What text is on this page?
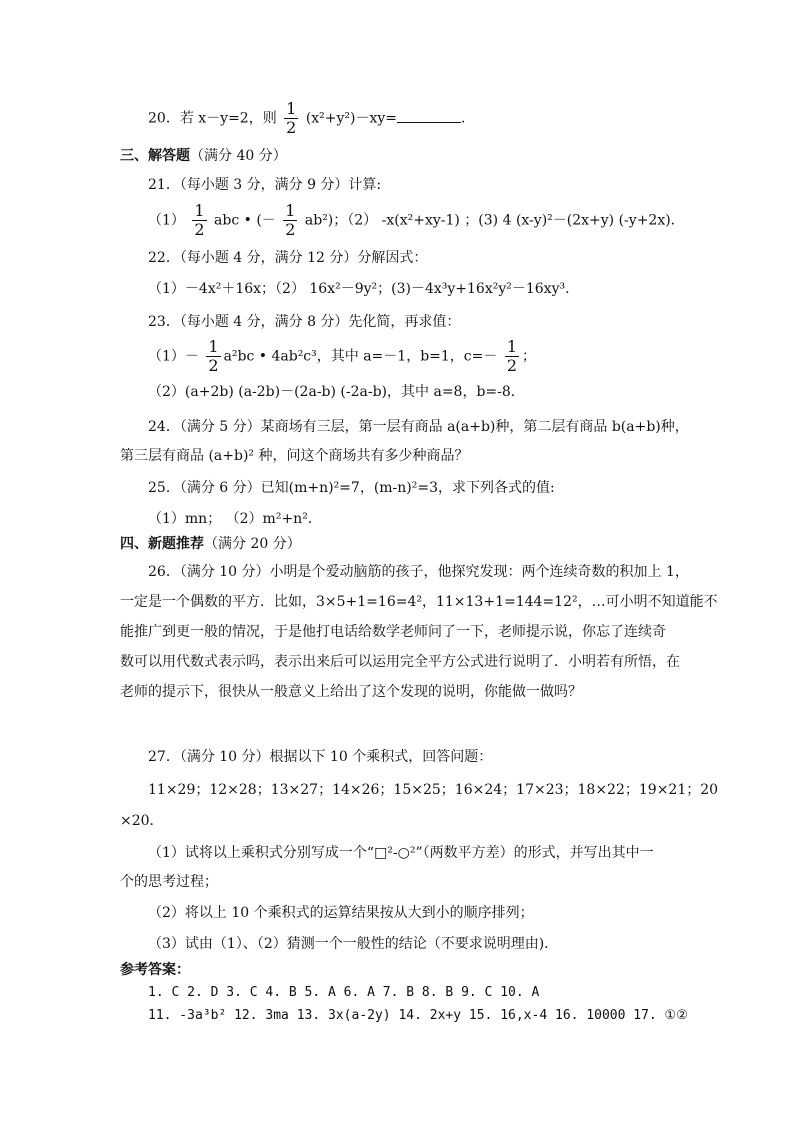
20．若 x－y=2，则 $\frac{1}{2} (x^2+y^2)-xy=$	．
三、解答题（满分 40 分）
21．（每小题 3 分，满分 9 分）计算:
$(1) \frac{1}{2}$ abc • (－ $\frac{1}{2} ab^2$)；（2） -x(x²+xy-1) ；(3) 4 (x-y)²－(2x+y) (-y+2x)．
22．（每小题 4 分，满分 12 分）分解因式：
（1）－4x²＋16x；（2） 16x²－9y²；(3)－4x³y+16x²y²－16xy³．
23．（每小题 4 分，满分 8 分）先化简，再求值：
$(1)- \frac{1}{2} a^2bc$ • 4ab²c³，其中 a=－1，b=1，$c=- \frac{1}{2}$ ；
（2）(a+2b) (a-2b)－(2a-b) (-2a-b)，其中 a=8，b=-8．
24．（满分 5 分）某商场有三层，第一层有商品 a(a+b)种，第二层有商品 b(a+b)种，
第三层有商品 (a+b)² 种，问这个商场共有多少种商品？
25．（满分 6 分）已知(m+n)²=7，(m-n)²=3，求下列各式的值:
（1）mn； （2）m²+n²．
四、新题推荐（满分 20 分）
26．（满分 10 分）小明是个爱动脑筋的孩子，他探究发现：两个连续奇数的积加上 1，
一定是一个偶数的平方．比如，3×5+1=16=4²，11×13+1=144=12²，…可小明不知道能不
能推广到更一般的情况，于是他打电话给数学老师问了一下，老师提示说，你忘了连续奇
数可以用代数式表示吗，表示出来后可以运用完全平方公式进行说明了．小明若有所悟，在
老师的提示下，很快从一般意义上给出了这个发现的说明，你能做一做吗？
27．（满分 10 分）根据以下 10 个乘积式，回答问题：
11×29；12×28；13×27；14×26；15×25；16×24；17×23；18×22；19×21；20
×20．
（1）试将以上乘积式分别写成一个“□²-○²”（两数平方差）的形式，并写出其中一
个的思考过程；
（2）将以上 10 个乘积式的运算结果按从大到小的顺序排列；
（3）试由（1）、（2）猜测一个一般性的结论（不要求说明理由)．
参考答案：
1. C 2. D 3. C 4. B 5. A 6. A 7. B 8. B 9. C 10. A
11. -3a³b² 12. 3ma 13. 3x(a-2y) 14. 2x+y 15. 16,x-4 16. 10000 17. ①②
